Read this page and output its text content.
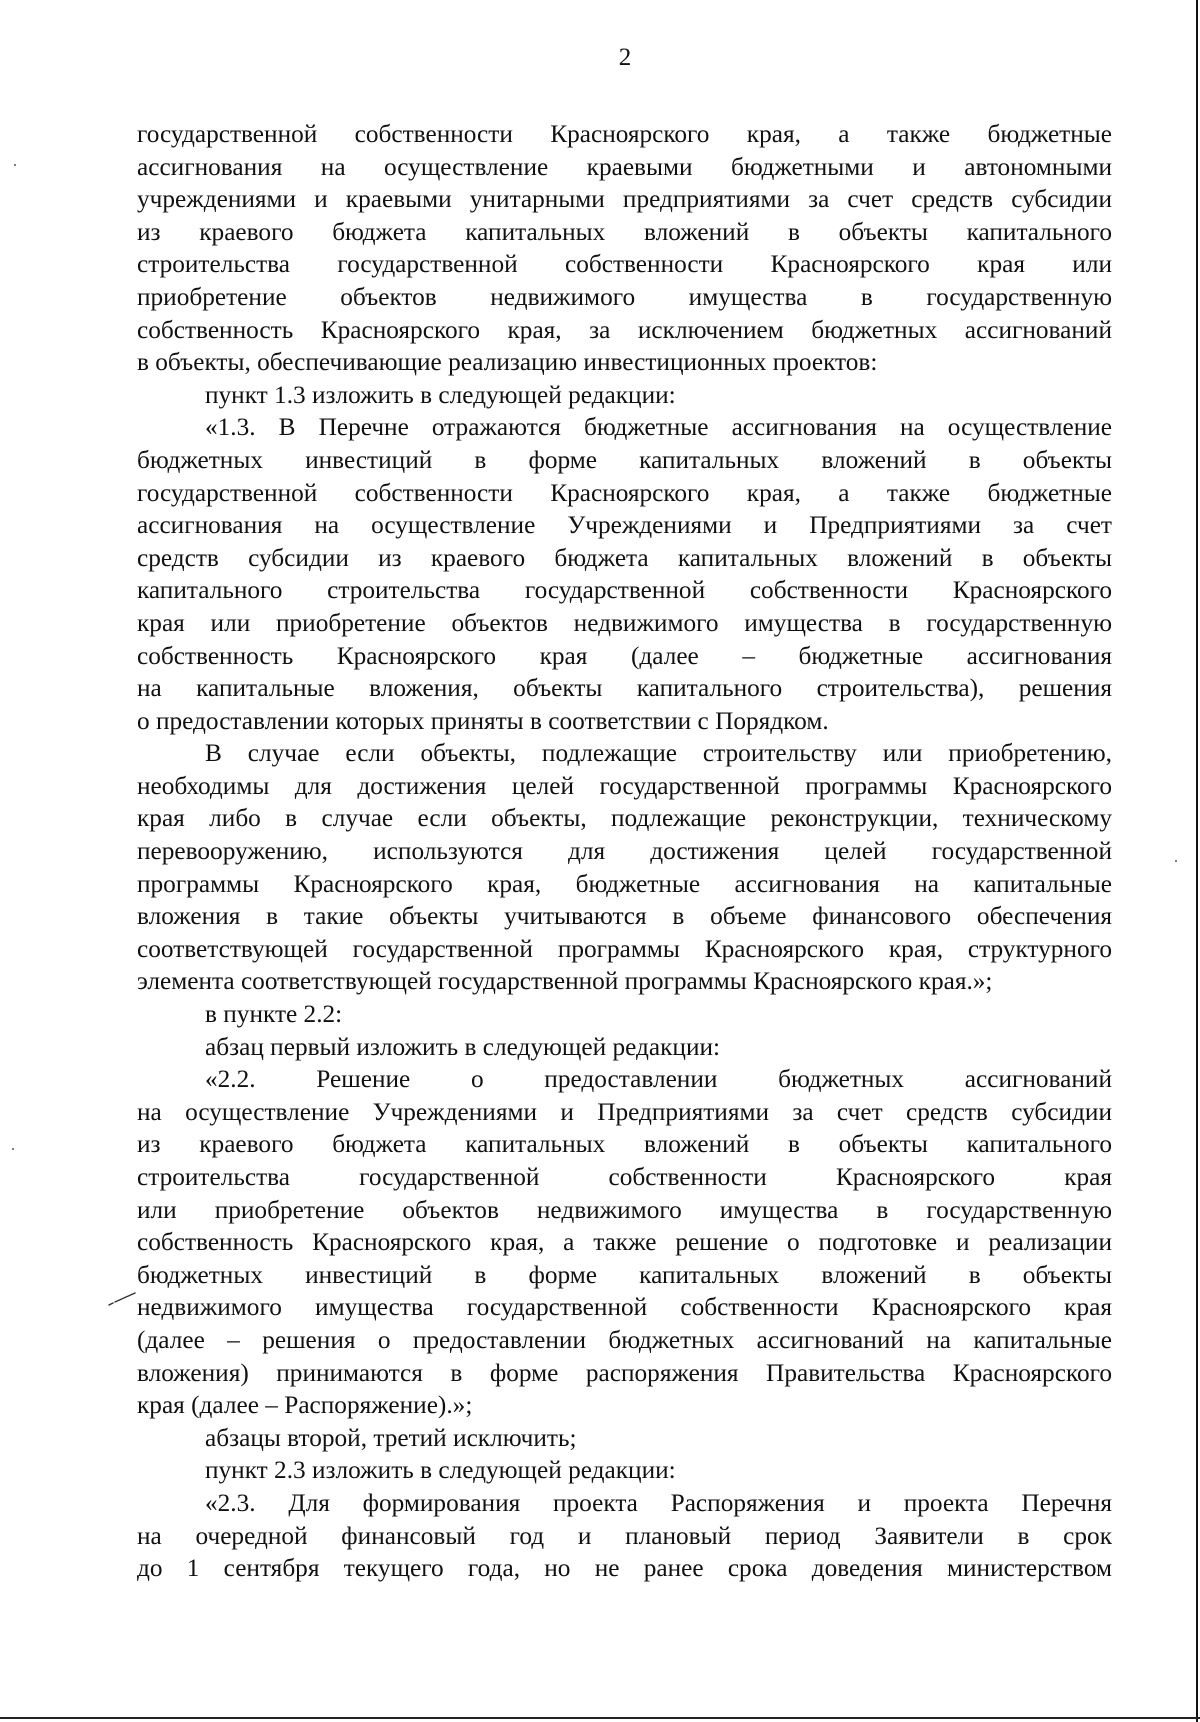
2
государственной собственности Красноярского края, а также бюджетные
ассигнования на осуществление краевыми бюджетными и автономными
учреждениями и краевыми унитарными предприятиями за счет средств субсидии
из краевого бюджета капитальных вложений в объекты капитального
строительства государственной собственности Красноярского края или
приобретение объектов недвижимого имущества в государственную
собственность Красноярского края, за исключением бюджетных ассигнований
в объекты, обеспечивающие реализацию инвестиционных проектов:
пункт 1.3 изложить в следующей редакции:
«1.3. В Перечне отражаются бюджетные ассигнования на осуществление
бюджетных инвестиций в форме капитальных вложений в объекты
государственной собственности Красноярского края, а также бюджетные
ассигнования на осуществление Учреждениями и Предприятиями за счет
средств субсидии из краевого бюджета капитальных вложений в объекты
капитального строительства государственной собственности Красноярского
края или приобретение объектов недвижимого имущества в государственную
собственность Красноярского края (далее – бюджетные ассигнования
на капитальные вложения, объекты капитального строительства), решения
о предоставлении которых приняты в соответствии с Порядком.
В случае если объекты, подлежащие строительству или приобретению,
необходимы для достижения целей государственной программы Красноярского
края либо в случае если объекты, подлежащие реконструкции, техническому
перевооружению, используются для достижения целей государственной
программы Красноярского края, бюджетные ассигнования на капитальные
вложения в такие объекты учитываются в объеме финансового обеспечения
соответствующей государственной программы Красноярского края, структурного
элемента соответствующей государственной программы Красноярского края.»;
в пункте 2.2:
абзац первый изложить в следующей редакции:
«2.2. Решение о предоставлении бюджетных ассигнований
на осуществление Учреждениями и Предприятиями за счет средств субсидии
из краевого бюджета капитальных вложений в объекты капитального
строительства государственной собственности Красноярского края
или приобретение объектов недвижимого имущества в государственную
собственность Красноярского края, а также решение о подготовке и реализации
бюджетных инвестиций в форме капитальных вложений в объекты
недвижимого имущества государственной собственности Красноярского края
(далее – решения о предоставлении бюджетных ассигнований на капитальные
вложения) принимаются в форме распоряжения Правительства Красноярского
края (далее – Распоряжение).»;
абзацы второй, третий исключить;
пункт 2.3 изложить в следующей редакции:
«2.3. Для формирования проекта Распоряжения и проекта Перечня
на очередной финансовый год и плановый период Заявители в срок
до 1 сентября текущего года, но не ранее срока доведения министерством
